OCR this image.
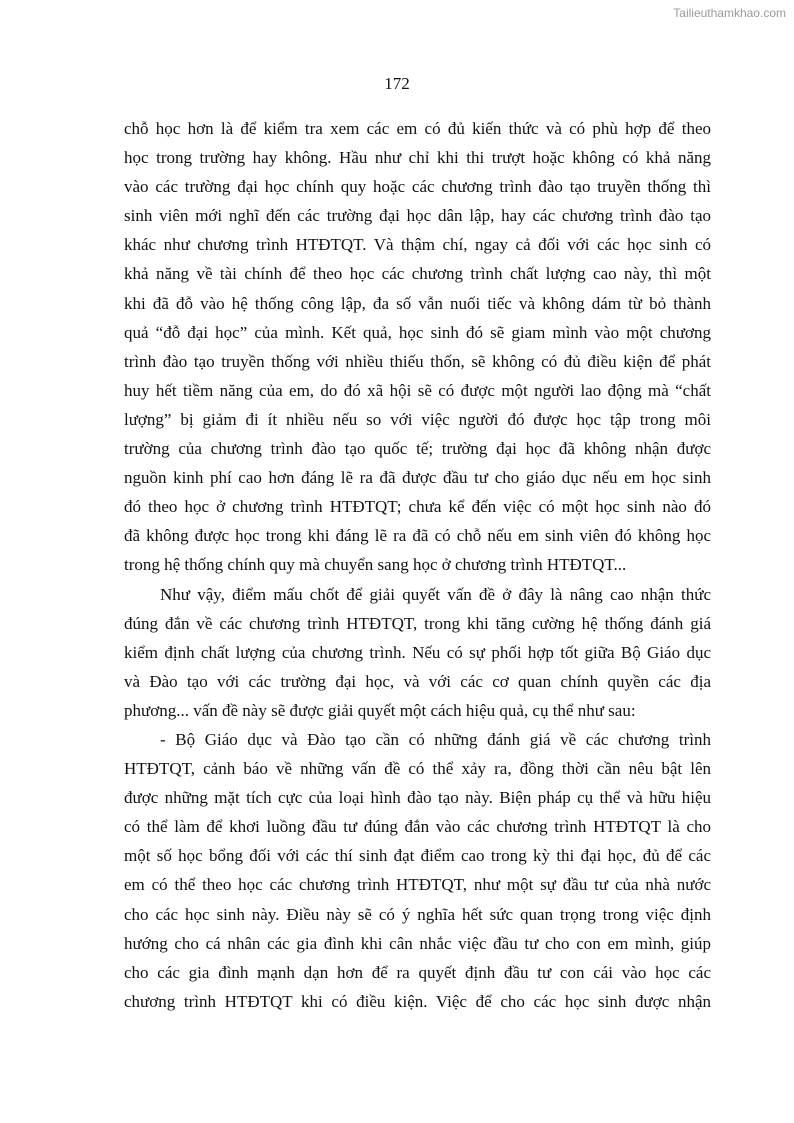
Tailieuthamkhao.com
172
chỗ học hơn là để kiểm tra xem các em có đủ kiến thức và có phù hợp để theo
học trong trường hay không. Hầu như chỉ khi thi trượt hoặc không có khả năng
vào các trường đại học chính quy hoặc các chương trình đào tạo truyền thống thì
sinh viên mới nghĩ đến các trường đại học dân lập, hay các chương trình đào tạo
khác như chương trình HTĐTQT. Và thậm chí, ngay cả đối với các học sinh có
khả năng về tài chính để theo học các chương trình chất lượng cao này, thì một
khi đã đỗ vào hệ thống công lập, đa số vẫn nuối tiếc và không dám từ bỏ thành
quả “đỗ đại học” của mình. Kết quả, học sinh đó sẽ giam mình vào một chương
trình đào tạo truyền thống với nhiều thiếu thốn, sẽ không có đủ điều kiện để phát
huy hết tiềm năng của em, do đó xã hội sẽ có được một người lao động mà “chất
lượng” bị giảm đi ít nhiều nếu so với việc người đó được học tập trong môi
trường của chương trình đào tạo quốc tế; trường đại học đã không nhận được
nguồn kinh phí cao hơn đáng lẽ ra đã được đầu tư cho giáo dục nếu em học sinh
đó theo học ở chương trình HTĐTQT; chưa kể đến việc có một học sinh nào đó
đã không được học trong khi đáng lẽ ra đã có chỗ nếu em sinh viên đó không học
trong hệ thống chính quy mà chuyển sang học ở chương trình HTĐTQT...
Như vậy, điểm mấu chốt để giải quyết vấn đề ở đây là nâng cao nhận thức
đúng đắn về các chương trình HTĐTQT, trong khi tăng cường hệ thống đánh giá
kiểm định chất lượng của chương trình. Nếu có sự phối hợp tốt giữa Bộ Giáo dục
và Đào tạo với các trường đại học, và với các cơ quan chính quyền các địa
phương... vấn đề này sẽ được giải quyết một cách hiệu quả, cụ thể như sau:
- Bộ Giáo dục và Đào tạo cần có những đánh giá về các chương trình
HTĐTQT, cảnh báo về những vấn đề có thể xảy ra, đồng thời cần nêu bật lên
được những mặt tích cực của loại hình đào tạo này. Biện pháp cụ thể và hữu hiệu
có thể làm để khơi luồng đầu tư đúng đắn vào các chương trình HTĐTQT là cho
một số học bổng đối với các thí sinh đạt điểm cao trong kỳ thi đại học, đủ để các
em có thể theo học các chương trình HTĐTQT, như một sự đầu tư của nhà nước
cho các học sinh này. Điều này sẽ có ý nghĩa hết sức quan trọng trong việc định
hướng cho cá nhân các gia đình khi cân nhắc việc đầu tư cho con em mình, giúp
cho các gia đình mạnh dạn hơn để ra quyết định đầu tư con cái vào học các
chương trình HTĐTQT khi có điều kiện. Việc để cho các học sinh được nhận
